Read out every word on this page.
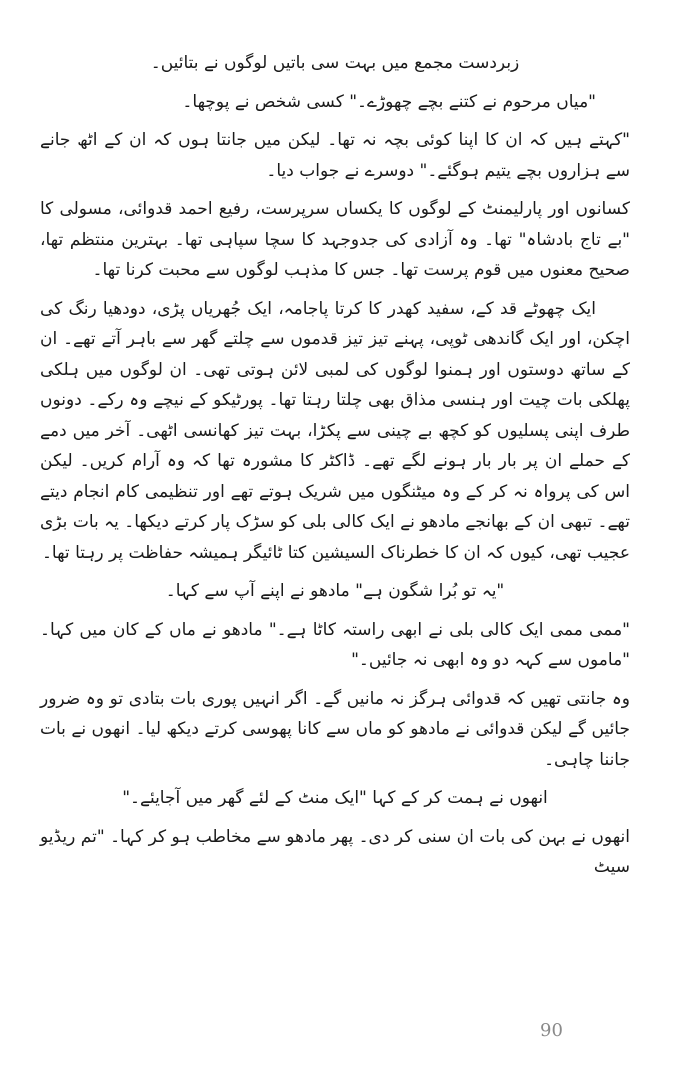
زبردست مجمع میں بہت سی باتیں لوگوں نے بتائیں۔

"میاں مرحوم نے کتنے بچے چھوڑے۔" کسی شخص نے پوچھا۔

"کہتے ہیں کہ ان کا اپنا کوئی بچہ نہ تھا۔ لیکن میں جانتا ہوں کہ ان کے اٹھ جانے سے ہزاروں بچے یتیم ہوگئے۔" دوسرے نے جواب دیا۔

کسانوں اور پارلیمنٹ کے لوگوں کا یکساں سرپرست، رفیع احمد قدوائی، مسولی کا "بے تاج بادشاہ" تھا۔ وہ آزادی کی جدوجہد کا سچا سپاہی تھا۔ بہترین منتظم تھا، صحیح معنوں میں قوم پرست تھا۔ جس کا مذہب لوگوں سے محبت کرنا تھا۔

ایک چھوٹے قد کے، سفید کھدر کا کرتا پاجامہ، ایک جُھریاں پڑی، دودھیا رنگ کی اچکن، اور ایک گاندھی ٹوپی، پہنے تیز تیز قدموں سے چلتے گھر سے باہر آتے تھے۔ ان کے ساتھ دوستوں اور ہمنوا لوگوں کی لمبی لائن ہوتی تھی۔ ان لوگوں میں ہلکی پھلکی بات چیت اور ہنسی مذاق بھی چلتا رہتا تھا۔ پورٹیکو کے نیچے وہ رکے۔ دونوں طرف اپنی پسلیوں کو کچھ بے چینی سے پکڑا، بہت تیز کھانسی اٹھی۔ آخر میں دمے کے حملے ان پر بار بار ہونے لگے تھے۔ ڈاکٹر کا مشورہ تھا کہ وہ آرام کریں۔ لیکن اس کی پرواہ نہ کر کے وہ میٹنگوں میں شریک ہوتے تھے اور تنظیمی کام انجام دیتے تھے۔ تبھی ان کے بھانجے مادھو نے ایک کالی بلی کو سڑک پار کرتے دیکھا۔ یہ بات بڑی عجیب تھی، کیوں کہ ان کا خطرناک السیشین کتا ٹائیگر ہمیشہ حفاظت پر رہتا تھا۔

"یہ تو بُرا شگون ہے" مادھو نے اپنے آپ سے کہا۔

"ممی ممی ایک کالی بلی نے ابھی راستہ کاٹا ہے۔" مادھو نے ماں کے کان میں کہا۔ "ماموں سے کہہ دو وہ ابھی نہ جائیں۔"

وہ جانتی تھیں کہ قدوائی ہرگز نہ مانیں گے۔ اگر انہیں پوری بات بتادی تو وہ ضرور جائیں گے لیکن قدوائی نے مادھو کو ماں سے کانا پھوسی کرتے دیکھ لیا۔ انھوں نے بات جاننا چاہی۔

انھوں نے ہمت کر کے کہا "ایک منٹ کے لئے گھر میں آجایئے۔"

انھوں نے بہن کی بات ان سنی کر دی۔ پھر مادھو سے مخاطب ہو کر کہا۔ "تم ریڈیو سیٹ

90
